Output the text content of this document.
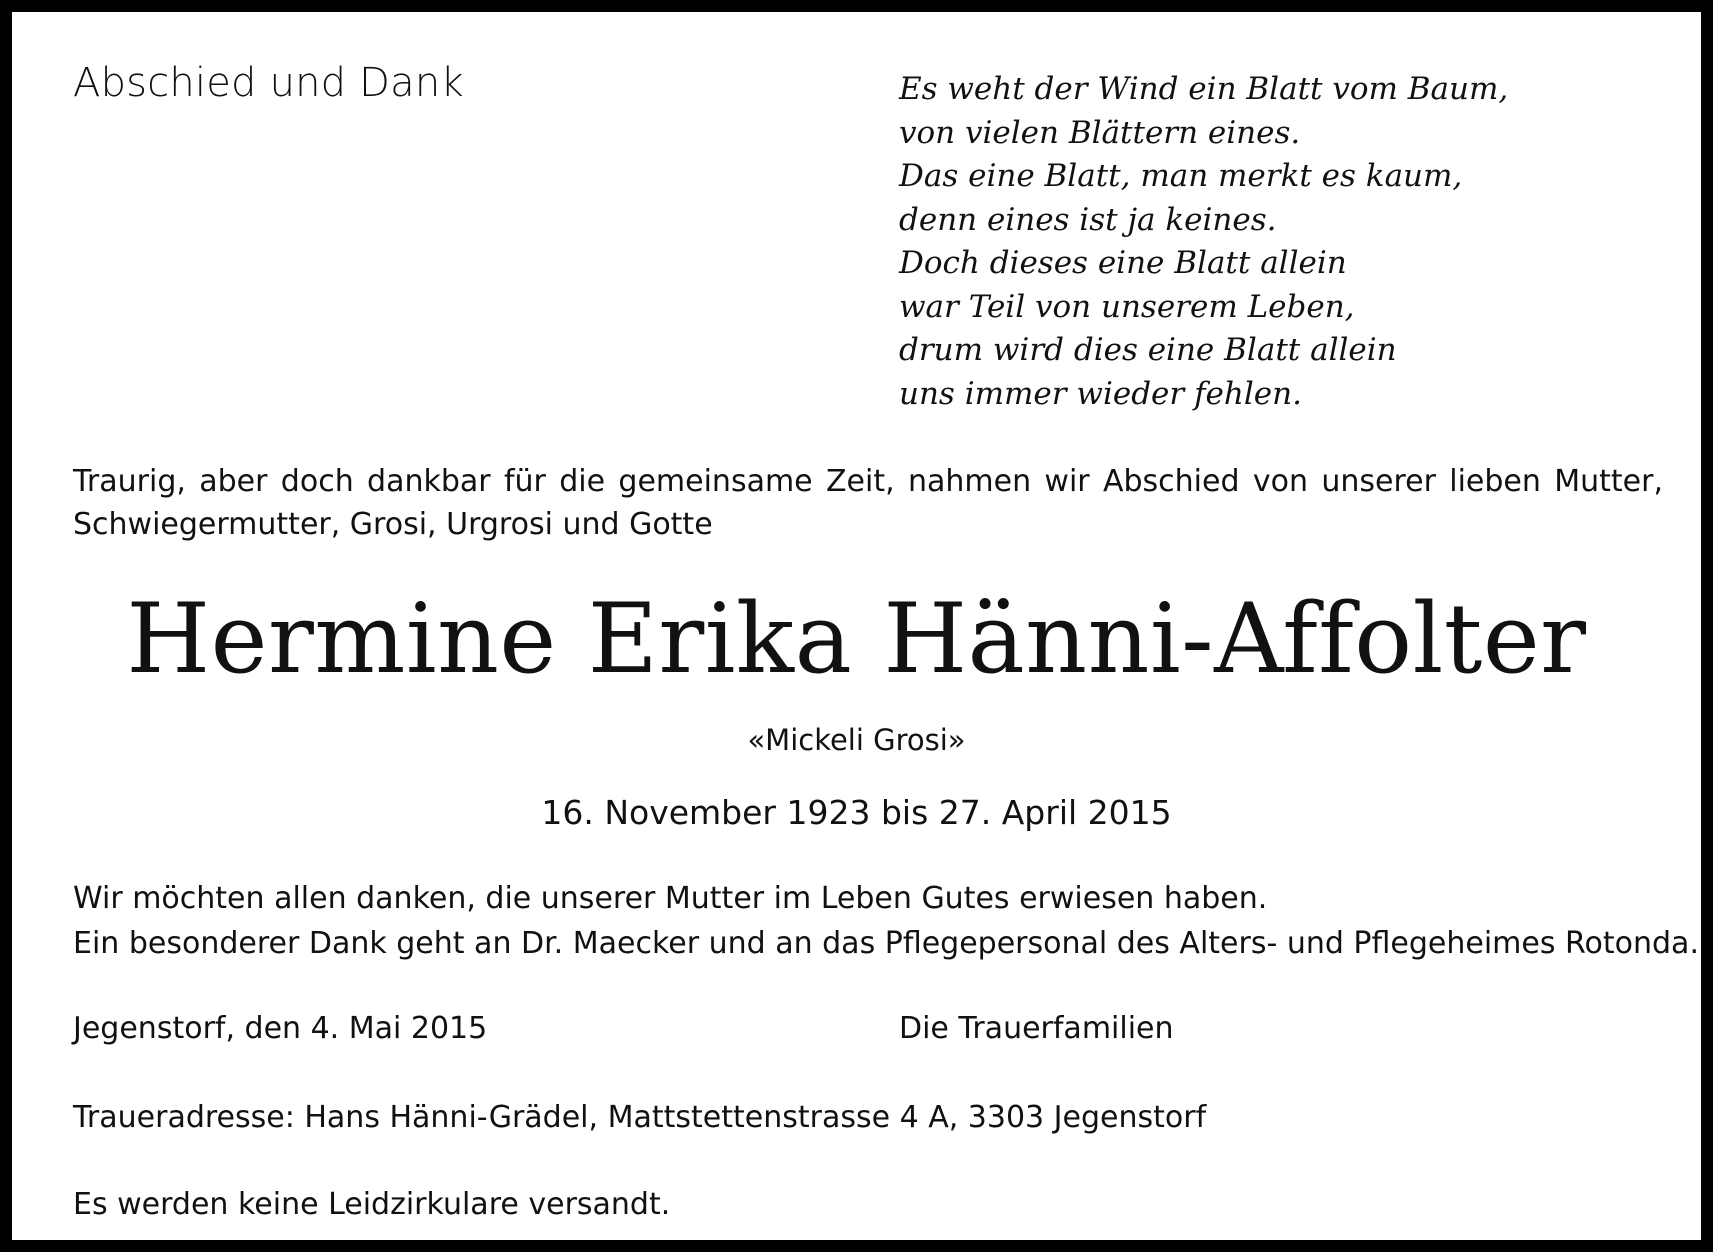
Abschied und Dank	Es weht der Wind ein Blatt vom Baum,
von vielen Blättern eines.
Das eine Blatt, man merkt es kaum,
denn eines ist ja keines.
Doch dieses eine Blatt allein
war Teil von unserem Leben,
drum wird dies eine Blatt allein
uns immer wieder fehlen.
Traurig, aber doch dankbar für die gemeinsame Zeit, nahmen wir Abschied von unserer lieben Mutter, Schwiegermutter, Grosi, Urgrosi und Gotte
Hermine Erika Hänni-Affolter
«Mickeli Grosi»
16. November 1923 bis 27. April 2015
Wir möchten allen danken, die unserer Mutter im Leben Gutes erwiesen haben.
Ein besonderer Dank geht an Dr. Maecker und an das Pflegepersonal des Alters- und Pflegeheimes Rotonda.
Jegenstorf, den 4. Mai 2015	Die Trauerfamilien
Traueradresse: Hans Hänni-Grädel, Mattstettenstrasse 4 A, 3303 Jegenstorf
Es werden keine Leidzirkulare versandt.
